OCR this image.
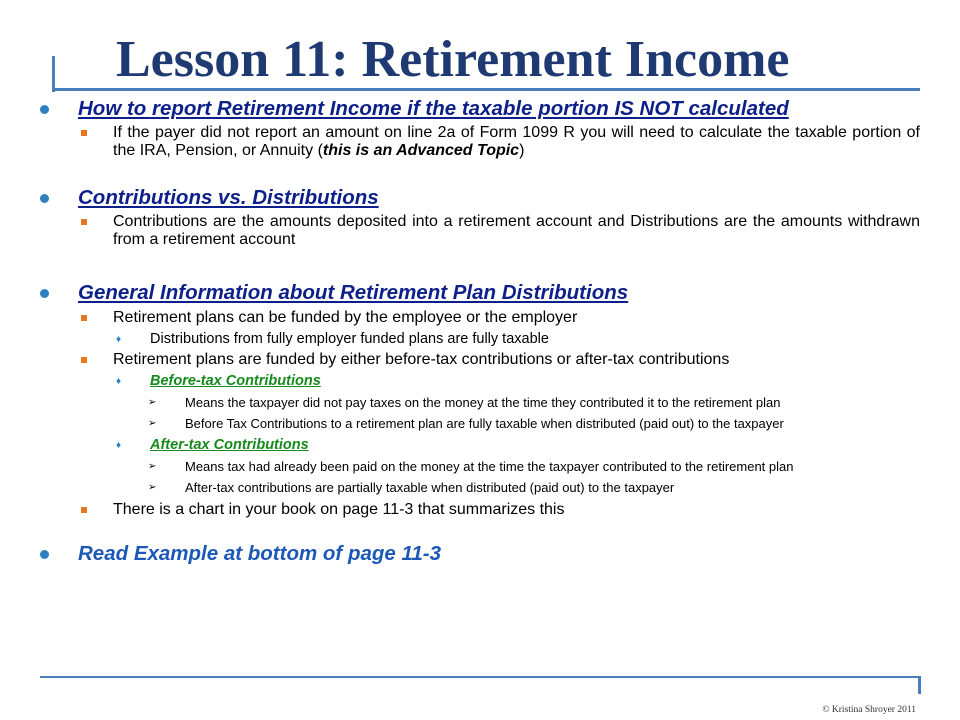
Lesson 11: Retirement Income
How to report Retirement Income if the taxable portion IS NOT calculated
If the payer did not report an amount on line 2a of Form 1099 R you will need to calculate the taxable portion of the IRA, Pension, or Annuity (this is an Advanced Topic)
Contributions vs. Distributions
Contributions are the amounts deposited into a retirement account and Distributions are the amounts withdrawn from a retirement account
General Information about Retirement Plan Distributions
Retirement plans can be funded by the employee or the employer
♦ Distributions from fully employer funded plans are fully taxable
Retirement plans are funded by either before-tax contributions or after-tax contributions
♦ Before-tax Contributions
➢ Means the taxpayer did not pay taxes on the money at the time they contributed it to the retirement plan
➢ Before Tax Contributions to a retirement plan are fully taxable when distributed (paid out) to the taxpayer
♦ After-tax Contributions
➢ Means tax had already been paid on the money at the time the taxpayer contributed to the retirement plan
➢ After-tax contributions are partially taxable when distributed (paid out) to the taxpayer
There is a chart in your book on page 11-3 that summarizes this
Read Example at bottom of page 11-3
© Kristina Shroyer 2011
